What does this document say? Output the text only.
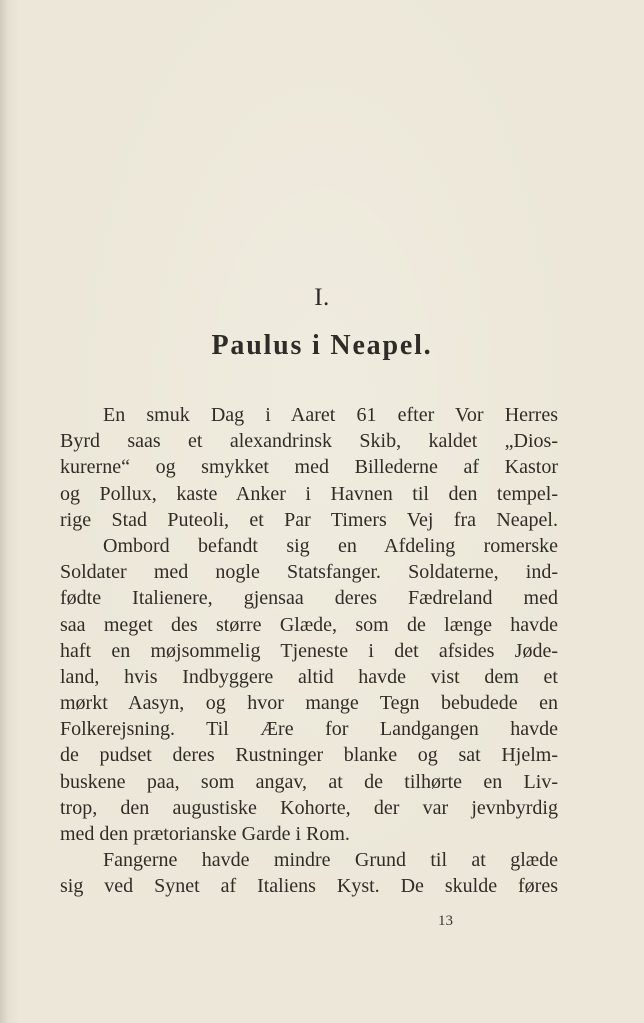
I.
Paulus i Neapel.
En smuk Dag i Aaret 61 efter Vor Herres
Byrd saas et alexandrinsk Skib, kaldet „Dios-
kurerne“ og smykket med Billederne af Kastor
og Pollux, kaste Anker i Havnen til den tempel-
rige Stad Puteoli, et Par Timers Vej fra Neapel.
Ombord befandt sig en Afdeling romerske
Soldater med nogle Statsfanger. Soldaterne, ind-
fødte Italienere, gjensaa deres Fædreland med
saa meget des større Glæde, som de længe havde
haft en møjsommelig Tjeneste i det afsides Jøde-
land, hvis Indbyggere altid havde vist dem et
mørkt Aasyn, og hvor mange Tegn bebudede en
Folkerejsning. Til Ære for Landgangen havde
de pudset deres Rustninger blanke og sat Hjelm-
buskene paa, som angav, at de tilhørte en Liv-
trop, den augustiske Kohorte, der var jevnbyrdig
med den prætorianske Garde i Rom.
Fangerne havde mindre Grund til at glæde
sig ved Synet af Italiens Kyst. De skulde føres
13
